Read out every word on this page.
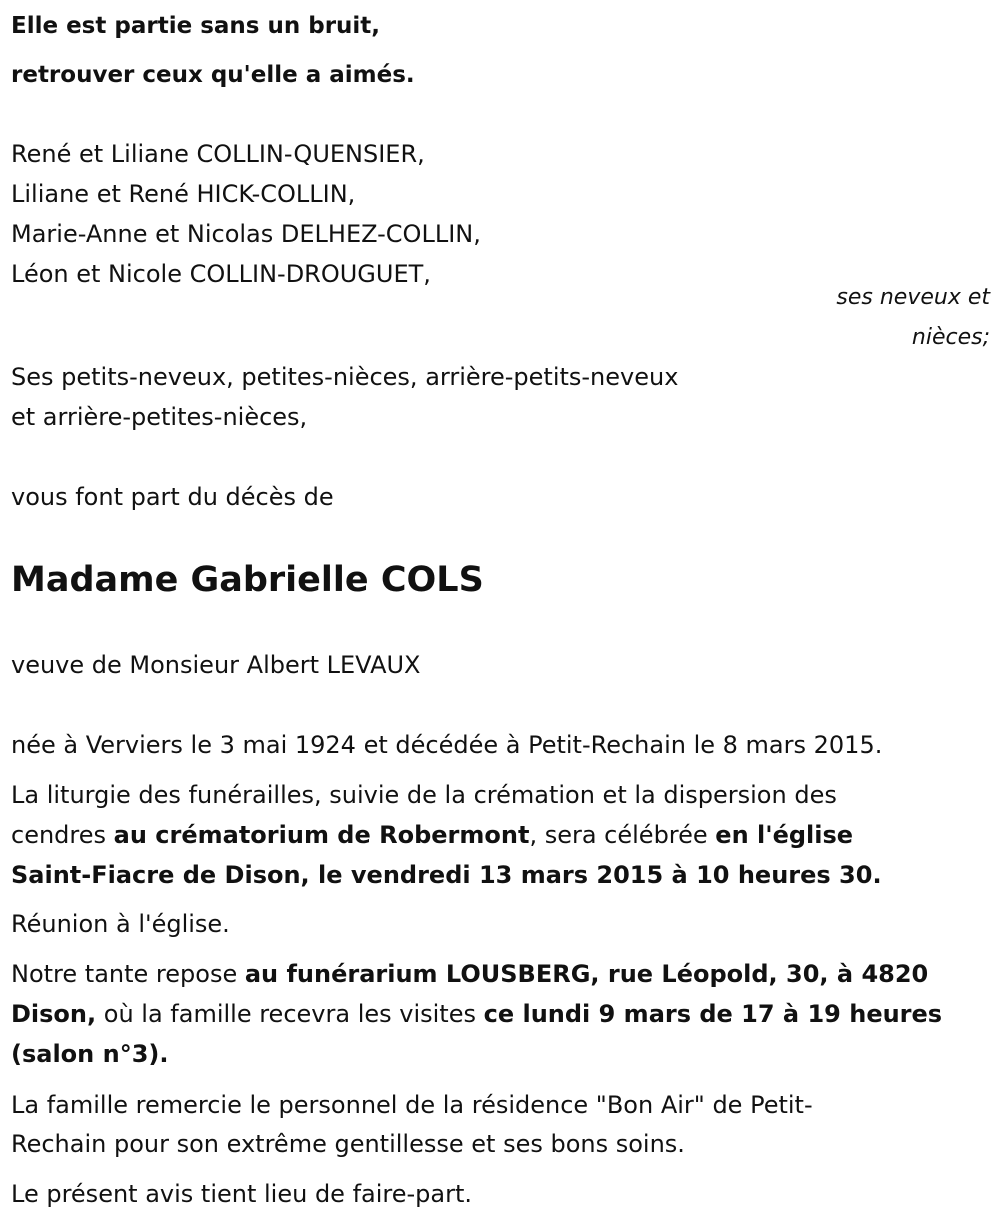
Elle est partie sans un bruit,

retrouver ceux qu'elle a aimés.

René et Liliane COLLIN-QUENSIER,

Liliane et René HICK-COLLIN,

Marie-Anne et Nicolas DELHEZ-COLLIN,

Léon et Nicole COLLIN-DROUGUET,

ses neveux et

nièces;

Ses petits-neveux, petites-nièces, arrière-petits-neveux

et arrière-petites-nièces,

vous font part du décès de

Madame Gabrielle COLS

veuve de Monsieur Albert LEVAUX

née à Verviers le 3 mai 1924 et décédée à Petit-Rechain le 8 mars 2015.

La liturgie des funérailles, suivie de la crémation et la dispersion des

cendres au crématorium de Robermont, sera célébrée en l'église

Saint-Fiacre de Dison, le vendredi 13 mars 2015 à 10 heures 30.

Réunion à l'église.

Notre tante repose au funérarium LOUSBERG, rue Léopold, 30, à 4820

Dison, où la famille recevra les visites ce lundi 9 mars de 17 à 19 heures

(salon n°3).

La famille remercie le personnel de la résidence "Bon Air" de Petit-

Rechain pour son extrême gentillesse et ses bons soins.

Le présent avis tient lieu de faire-part.
